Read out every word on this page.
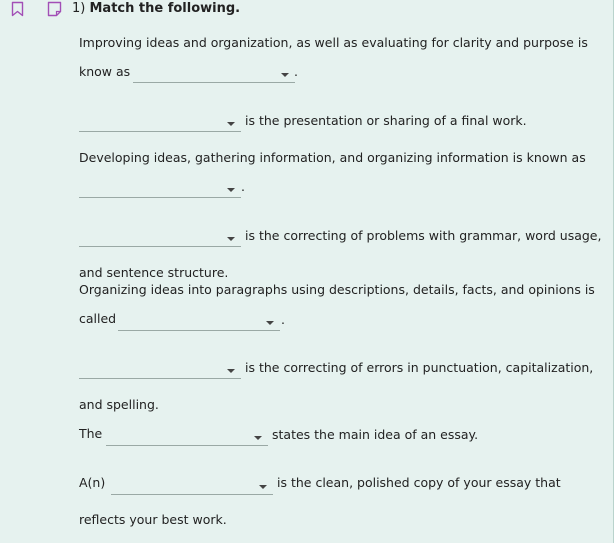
1) Match the following.
Improving ideas and organization, as well as evaluating for clarity and purpose is
know as	.
is the presentation or sharing of a final work.
Developing ideas, gathering information, and organizing information is known as
.
is the correcting of problems with grammar, word usage,
and sentence structure.
Organizing ideas into paragraphs using descriptions, details, facts, and opinions is
called	.
is the correcting of errors in punctuation, capitalization,
and spelling.
The	states the main idea of an essay.
A(n)	is the clean, polished copy of your essay that
reflects your best work.
